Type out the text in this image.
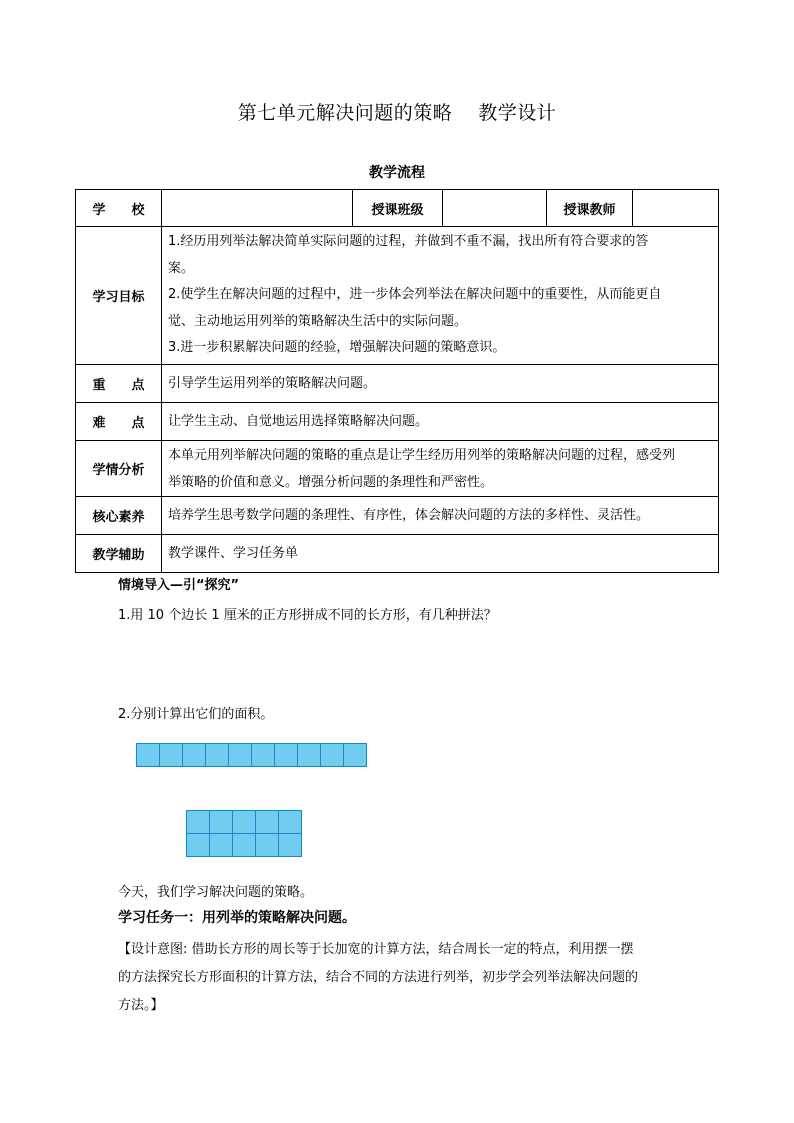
第七单元解决问题的策略　 教学设计
教学流程
学　　校		授课班级		授课教师	
学习目标	1.经历用列举法解决简单实际问题的过程，并做到不重不漏，找出所有符合要求的答
案。
2.使学生在解决问题的过程中，进一步体会列举法在解决问题中的重要性，从而能更自
觉、主动地运用列举的策略解决生活中的实际问题。
3.进一步积累解决问题的经验，增强解决问题的策略意识。				

重　　点	引导学生运用列举的策略解决问题。				
难　　点	让学生主动、自觉地运用选择策略解决问题。				
学情分析	本单元用列举解决问题的策略的重点是让学生经历用列举的策略解决问题的过程，感受列
举策略的价值和意义。增强分析问题的条理性和严密性。				

核心素养	培养学生思考数学问题的条理性、有序性，体会解决问题的方法的多样性、灵活性。				
教学辅助	教学课件、学习任务单				
情境导入—引“探究”
1.用 10 个边长 1 厘米的正方形拼成不同的长方形，有几种拼法？
2.分别计算出它们的面积。
今天，我们学习解决问题的策略。
学习任务一：用列举的策略解决问题。
【设计意图: 借助长方形的周长等于长加宽的计算方法，结合周长一定的特点，利用摆一摆
的方法探究长方形面积的计算方法，结合不同的方法进行列举，初步学会列举法解决问题的
方法。】
